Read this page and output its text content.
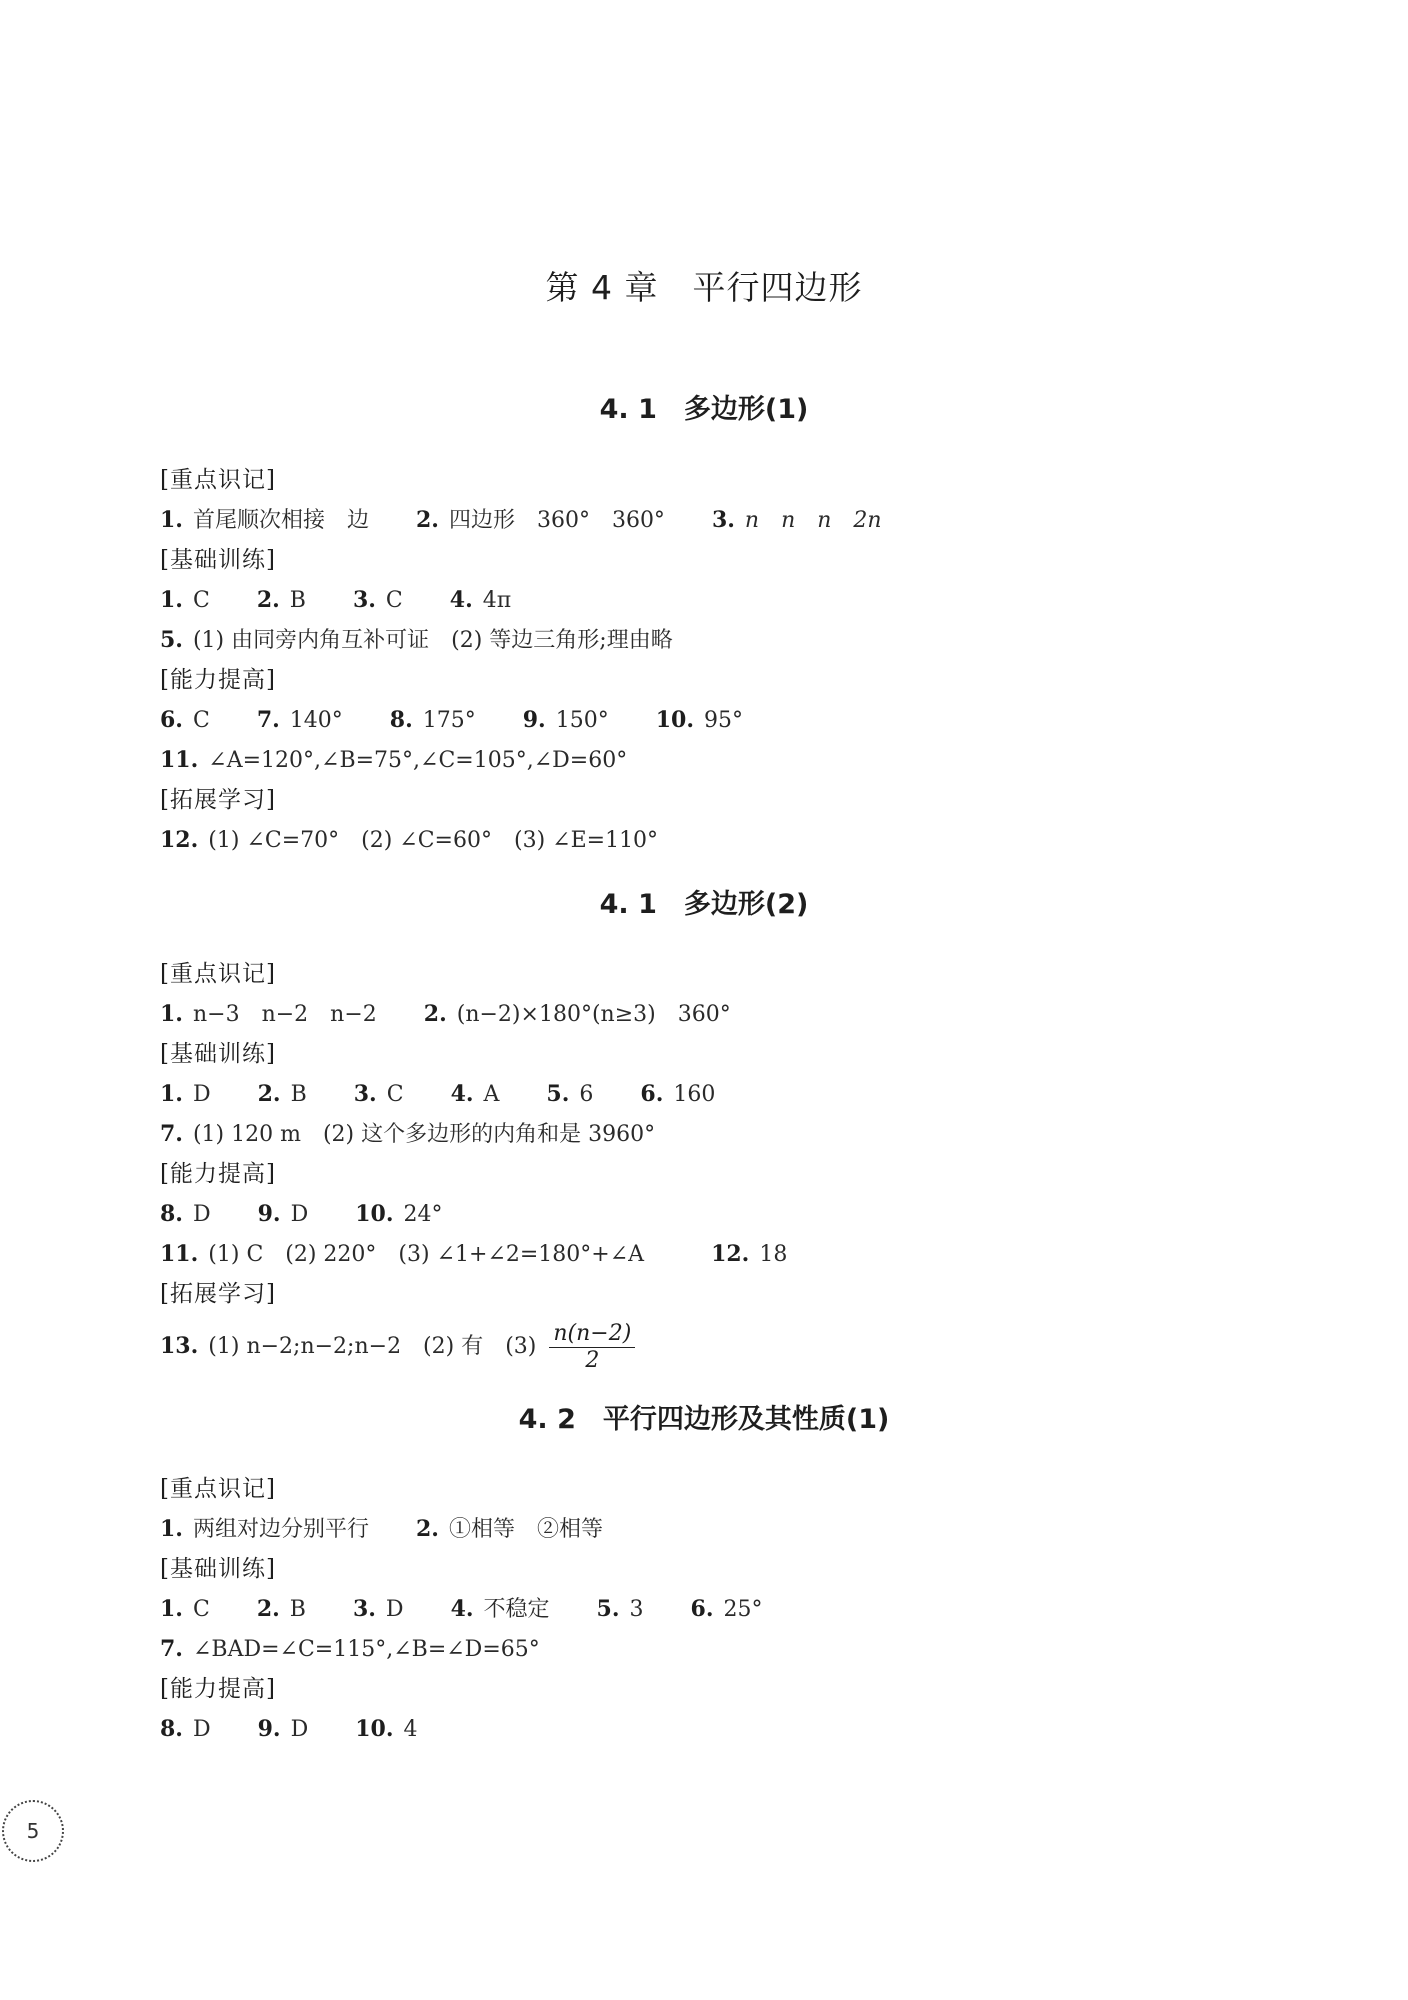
第 4 章　平行四边形
4. 1　多边形(1)
[重点识记]
1. 首尾顺次相接　边 2. 四边形　360°　360° 3. n　n　n　2n
[基础训练]
1. C 2. B 3. C 4. 4π
5. (1) 由同旁内角互补可证　(2) 等边三角形;理由略
[能力提高]
6. C 7. 140° 8. 175° 9. 150° 10. 95°
11. ∠A=120°,∠B=75°,∠C=105°,∠D=60°
[拓展学习]
12. (1) ∠C=70°　(2) ∠C=60°　(3) ∠E=110°
4. 1　多边形(2)
[重点识记]
1. n−3　n−2　n−2 2. (n−2)×180°(n≥3)　360°
[基础训练]
1. D 2. B 3. C 4. A 5. 6 6. 160
7. (1) 120 m　(2) 这个多边形的内角和是 3960°
[能力提高]
8. D 9. D 10. 24°
11. (1) C　(2) 220°　(3) ∠1+∠2=180°+∠A	12. 18
[拓展学习]
13. (1) n−2;n−2;n−2　(2) 有　$(3) \frac{n(n-2)}{2}$
4. 2　平行四边形及其性质(1)
[重点识记]
1. 两组对边分别平行 2. ①相等　②相等
[基础训练]
1. C 2. B 3. D 4. 不稳定 5. 3 6. 25°
7. ∠BAD=∠C=115°,∠B=∠D=65°
[能力提高]
8. D 9. D 10. 4
5
